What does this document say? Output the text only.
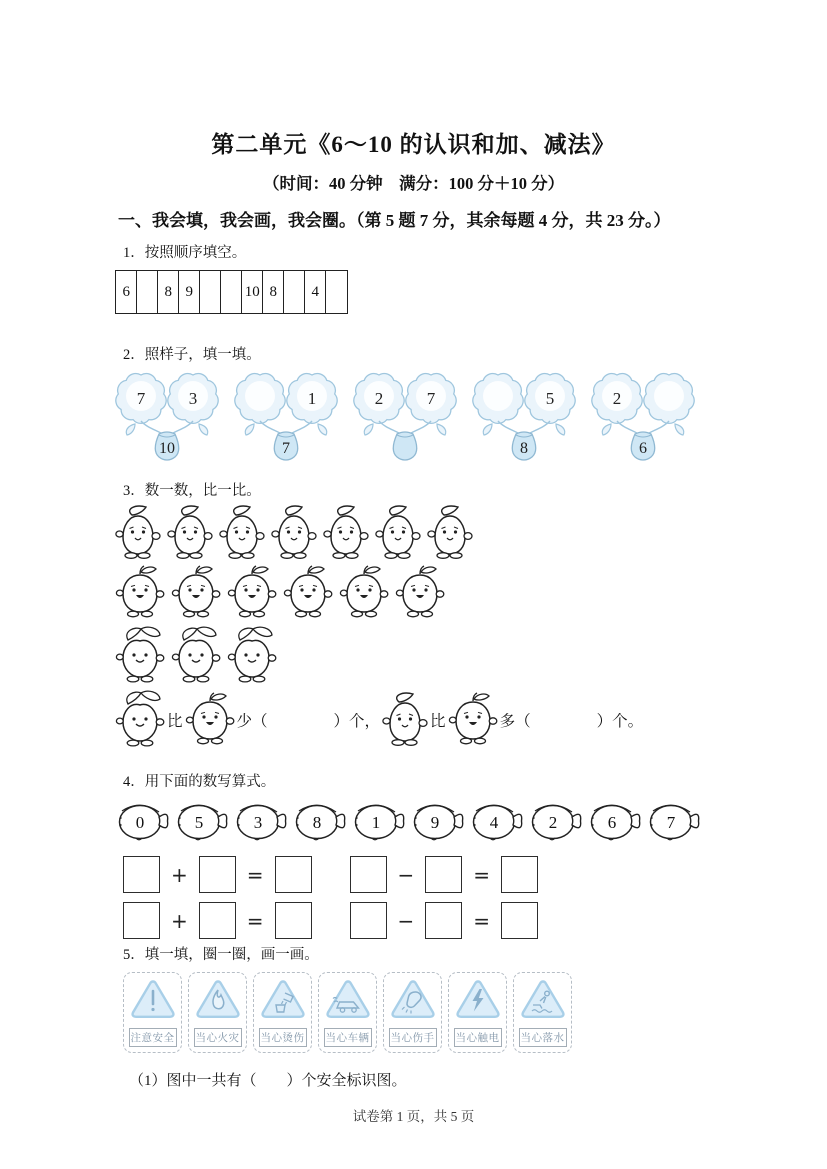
第二单元《6～10 的认识和加、减法》
（时间：40 分钟　满分：100 分＋10 分）
一、我会填，我会画，我会圈。（第 5 题 7 分，其余每题 4 分，共 23 分。）
1．按照顺序填空。
6	8 9	10 8	4
2．照样子，填一填。
7	3
10
1
7
2	7	5
8
2
6
3．数一数，比一比。
比	少（	）个，	比	多（	）个。
4．用下面的数写算式。
0	5	3	8	1	9	4	2	6	7
+	=	−	=
+	=	−	=
5．填一填，圈一圈，画一画。
注意安全 当心火灾 当心烫伤 当心车辆 当心伤手 当心触电 当心落水
（1）图中一共有（　　）个安全标识图。
试卷第 1 页，共 5 页
